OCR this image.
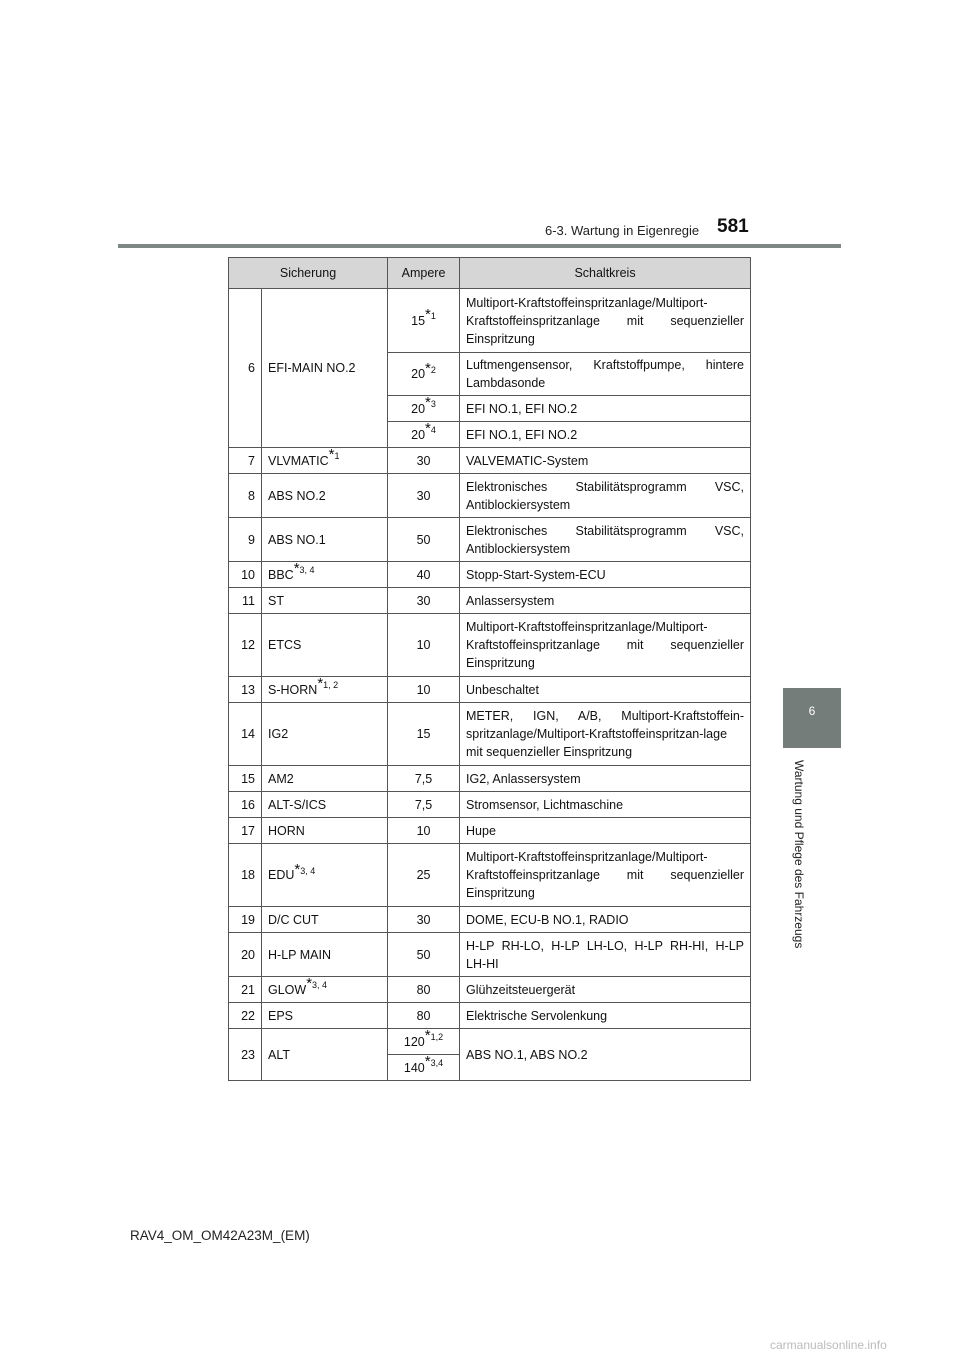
6-3. Wartung in Eigenregie 581
6
Wartung und Pflege des Fahrzeugs
Sicherung		Ampere	Schaltkreis
6	EFI-MAIN NO.2	15$^{*1}$	Multiport-Kraftstoffeinspritzanlage/Multiport-Kraftstoffeinspritzanlage mit sequenzieller Einspritzung
		20$^{*2}$	Luftmengensensor, Kraftstoffpumpe, hintere Lambdasonde
		20$^{*3}$	EFI NO.1, EFI NO.2
		20$^{*4}$	EFI NO.1, EFI NO.2
7	VLVMATIC$^{*1}$	30	VALVEMATIC-System
8	ABS NO.2	30	Elektronisches Stabilitätsprogramm VSC, Antiblockiersystem
9	ABS NO.1	50	Elektronisches Stabilitätsprogramm VSC, Antiblockiersystem
10	BBC$^{*3, 4}$	40	Stopp-Start-System-ECU
11	ST	30	Anlassersystem
12	ETCS	10	Multiport-Kraftstoffeinspritzanlage/Multiport-Kraftstoffeinspritzanlage mit sequenzieller Einspritzung
13	S-HORN$^{*1, 2}$	10	Unbeschaltet
14	IG2	15	METER, IGN, A/B, Multiport-Kraftstoffein-spritzanlage/Multiport-Kraftstoffeinspritzan-lage mit sequenzieller Einspritzung
15	AM2	7,5	IG2, Anlassersystem
16	ALT-S/ICS	7,5	Stromsensor, Lichtmaschine
17	HORN	10	Hupe
18	EDU$^{*3, 4}$	25	Multiport-Kraftstoffeinspritzanlage/Multiport-Kraftstoffeinspritzanlage mit sequenzieller Einspritzung
19	D/C CUT	30	DOME, ECU-B NO.1, RADIO
20	H-LP MAIN	50	H-LP RH-LO, H-LP LH-LO, H-LP RH-HI, H-LP LH-HI
21	GLOW$^{*3, 4}$	80	Glühzeitsteuergerät
22	EPS	80	Elektrische Servolenkung
23	ALT	120$^{*1,2}$	ABS NO.1, ABS NO.2
		140$^{*3,4}$
RAV4_OM_OM42A23M_(EM)
carmanualsonline.info
